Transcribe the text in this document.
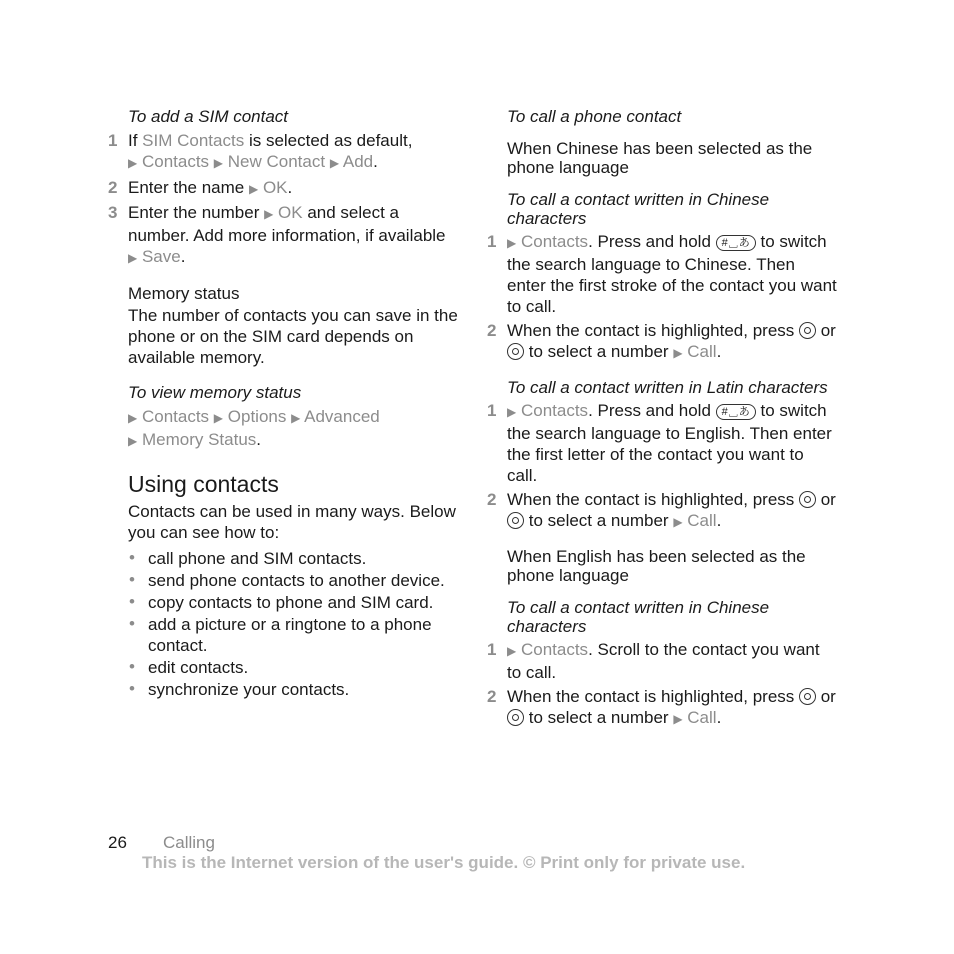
To add a SIM contact

1 If SIM Contacts is selected as default,
▶ Contacts ▶ New Contact ▶ Add.
2 Enter the name ▶ OK.
3 Enter the number ▶ OK and select a number. Add more information, if available ▶ Save.

Memory status

The number of contacts you can save in the phone or on the SIM card depends on available memory.

To view memory status

▶ Contacts ▶ Options ▶ Advanced
▶ Memory Status.

Using contacts

Contacts can be used in many ways. Below you can see how to:

• call phone and SIM contacts.
• send phone contacts to another device.
• copy contacts to phone and SIM card.
• add a picture or a ringtone to a phone contact.
• edit contacts.
• synchronize your contacts.

To call a phone contact

When Chinese has been selected as the phone language

To call a contact written in Chinese characters

1 ▶ Contacts. Press and hold #␣あ to switch the search language to Chinese. Then enter the first stroke of the contact you want to call.
2 When the contact is highlighted, press  or  to select a number ▶ Call.

To call a contact written in Latin characters

1 ▶ Contacts. Press and hold #␣あ to switch the search language to English. Then enter the first letter of the contact you want to call.
2 When the contact is highlighted, press  or  to select a number ▶ Call.

When English has been selected as the phone language

To call a contact written in Chinese characters

1 ▶ Contacts. Scroll to the contact you want to call.
2 When the contact is highlighted, press  or  to select a number ▶ Call.
26 Calling
This is the Internet version of the user's guide. © Print only for private use.
